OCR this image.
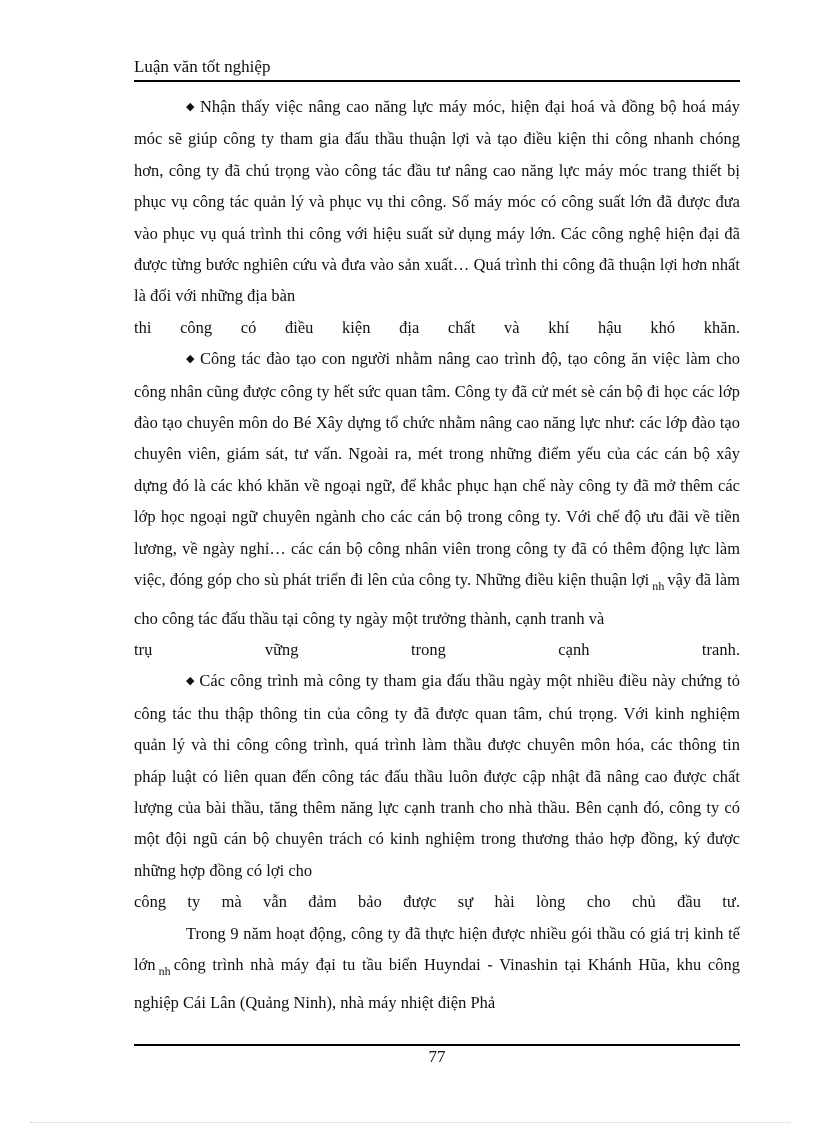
Luận văn tốt nghiệp

◆ Nhận thấy việc nâng cao năng lực máy móc, hiện đại hoá và đồng bộ hoá máy móc sẽ giúp công ty tham gia đấu thầu thuận lợi và tạo điều kiện thi công nhanh chóng hơn, công ty đã chú trọng vào công tác đầu tư nâng cao năng lực máy móc trang thiết bị phục vụ công tác quản lý và phục vụ thi công. Số máy móc có công suất lớn đã được đưa vào phục vụ quá trình thi công với hiệu suất sử dụng máy lớn. Các công nghệ hiện đại đã được từng bước nghiên cứu và đưa vào sản xuất… Quá trình thi công đã thuận lợi hơn nhất là đối với những địa bàn
thi công có điều kiện địa chất và khí hậu khó khăn.

◆ Công tác đào tạo con người nhằm nâng cao trình độ, tạo công ăn việc làm cho công nhân cũng được công ty hết sức quan tâm. Công ty đã cử mét sè cán bộ đi học các lớp đào tạo chuyên môn do Bé Xây dựng tổ chức nhằm nâng cao năng lực như: các lớp đào tạo chuyên viên, giám sát, tư vấn. Ngoài ra, mét trong những điểm yếu của các cán bộ xây dựng đó là các khó khăn về ngoại ngữ, để khắc phục hạn chế này công ty đã mở thêm các lớp học ngoại ngữ chuyên ngành cho các cán bộ trong công ty. Với chế độ ưu đãi về tiền lương, về ngày nghỉ… các cán bộ công nhân viên trong công ty đã có thêm động lực làm việc, đóng góp cho sù phát triển đi lên của công ty. Những điều kiện thuận lợi $_{nh}$ vậy đã làm cho công tác đấu thầu tại công ty ngày một trưởng thành, cạnh tranh và
trụ vững trong cạnh tranh.

◆ Các công trình mà công ty tham gia đấu thầu ngày một nhiều điều này chứng tỏ công tác thu thập thông tin của công ty đã được quan tâm, chú trọng. Với kinh nghiệm quản lý và thi công công trình, quá trình làm thầu được chuyên môn hóa, các thông tin pháp luật có liên quan đến công tác đấu thầu luôn được cập nhật đã nâng cao được chất lượng của bài thầu, tăng thêm năng lực cạnh tranh cho nhà thầu. Bên cạnh đó, công ty có một đội ngũ cán bộ chuyên trách có kinh nghiệm trong thương thảo hợp đồng, ký được những hợp đồng có lợi cho
công ty mà vẫn đảm bảo được sự hài lòng cho chủ đầu tư.

Trong 9 năm hoạt động, công ty đã thực hiện được nhiều gói thầu có giá trị kinh tế lớn $_{nh}$ công trình nhà máy đại tu tầu biển Huyndai - Vinashin tại Khánh Hũa, khu công nghiệp Cái Lân (Quảng Ninh), nhà máy nhiệt điện Phả

77
